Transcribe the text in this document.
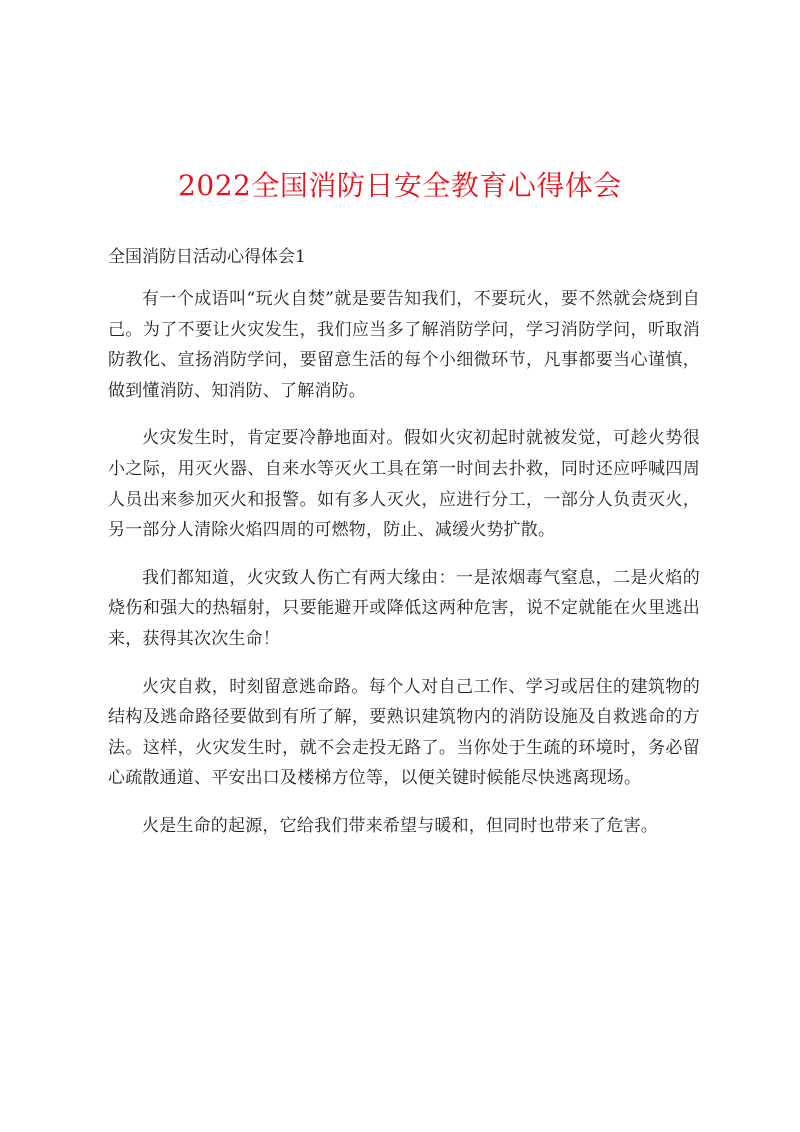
2022全国消防日安全教育心得体会

全国消防日活动心得体会1

有一个成语叫“玩火自焚”就是要告知我们，不要玩火，要不然就会烧到自己。为了不要让火灾发生，我们应当多了解消防学问，学习消防学问，听取消防教化、宣扬消防学问，要留意生活的每个小细微环节，凡事都要当心谨慎，做到懂消防、知消防、了解消防。

火灾发生时，肯定要冷静地面对。假如火灾初起时就被发觉，可趁火势很小之际，用灭火器、自来水等灭火工具在第一时间去扑救，同时还应呼喊四周人员出来参加灭火和报警。如有多人灭火，应进行分工，一部分人负责灭火，另一部分人清除火焰四周的可燃物，防止、减缓火势扩散。

我们都知道，火灾致人伤亡有两大缘由：一是浓烟毒气窒息，二是火焰的烧伤和强大的热辐射，只要能避开或降低这两种危害，说不定就能在火里逃出来，获得其次次生命！

火灾自救，时刻留意逃命路。每个人对自己工作、学习或居住的建筑物的结构及逃命路径要做到有所了解，要熟识建筑物内的消防设施及自救逃命的方法。这样，火灾发生时，就不会走投无路了。当你处于生疏的环境时，务必留心疏散通道、平安出口及楼梯方位等，以便关键时候能尽快逃离现场。

火是生命的起源，它给我们带来希望与暖和，但同时也带来了危害。
